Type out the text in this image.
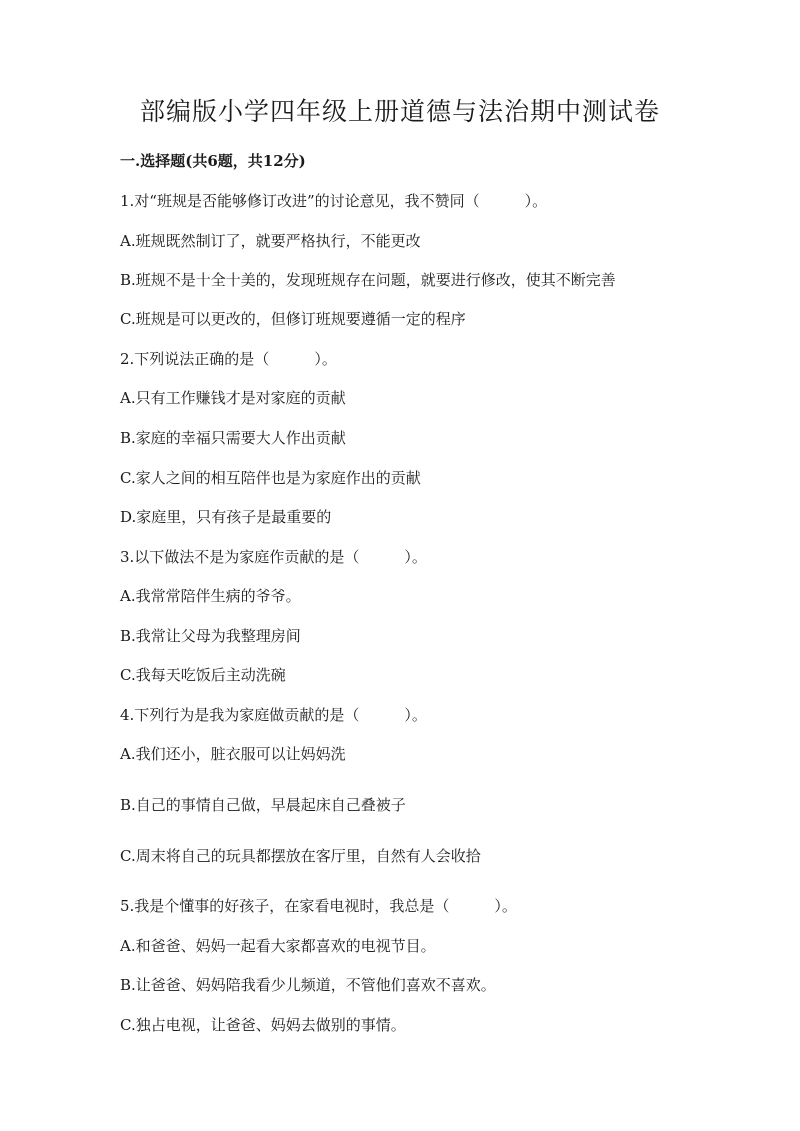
部编版小学四年级上册道德与法治期中测试卷
一.选择题(共6题，共12分)
1.对“班规是否能够修订改进”的讨论意见，我不赞同（　　　）。
A.班规既然制订了，就要严格执行，不能更改
B.班规不是十全十美的，发现班规存在问题，就要进行修改，使其不断完善
C.班规是可以更改的，但修订班规要遵循一定的程序
2.下列说法正确的是（　　　）。
A.只有工作赚钱才是对家庭的贡献
B.家庭的幸福只需要大人作出贡献
C.家人之间的相互陪伴也是为家庭作出的贡献
D.家庭里，只有孩子是最重要的
3.以下做法不是为家庭作贡献的是（　　　）。
A.我常常陪伴生病的爷爷。
B.我常让父母为我整理房间
C.我每天吃饭后主动洗碗
4.下列行为是我为家庭做贡献的是（　　　）。
A.我们还小，脏衣服可以让妈妈洗
B.自己的事情自己做，早晨起床自己叠被子
C.周末将自己的玩具都摆放在客厅里，自然有人会收拾
5.我是个懂事的好孩子，在家看电视时，我总是（　　　）。
A.和爸爸、妈妈一起看大家都喜欢的电视节目。
B.让爸爸、妈妈陪我看少儿频道，不管他们喜欢不喜欢。
C.独占电视，让爸爸、妈妈去做别的事情。
